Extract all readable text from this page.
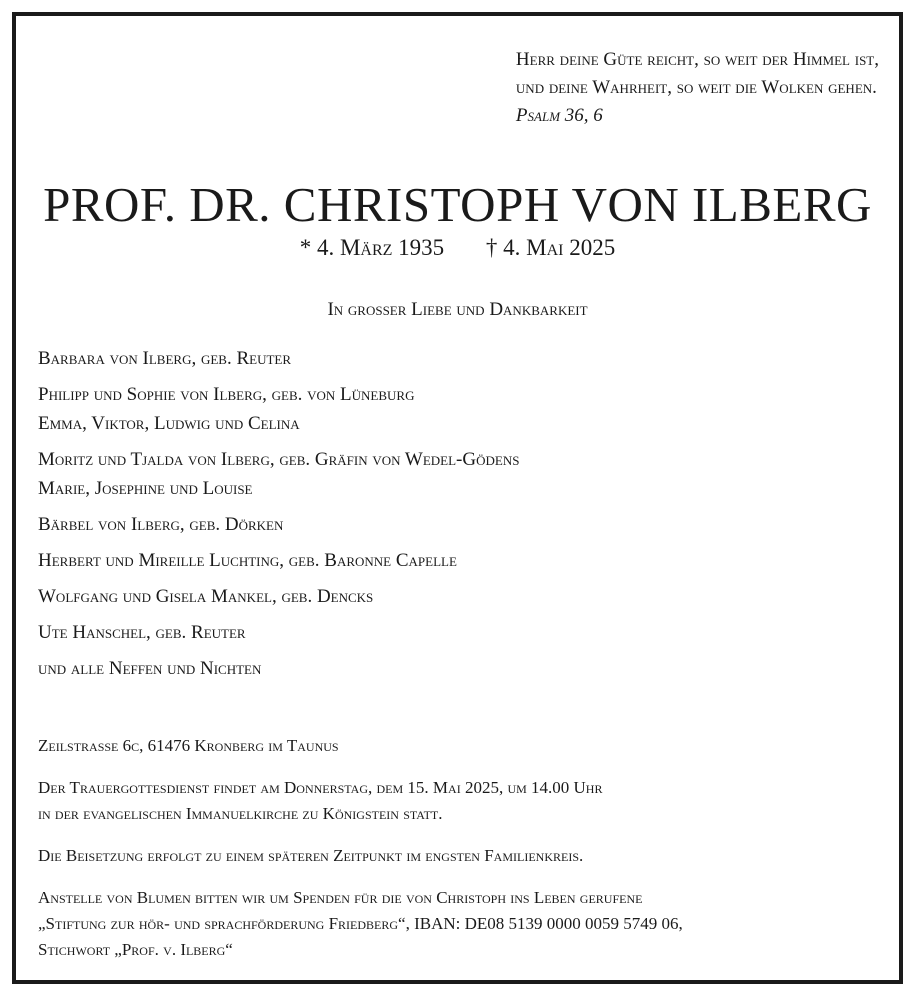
Herr deine Güte reicht, so weit der Himmel ist,
und deine Wahrheit, so weit die Wolken gehen.
Psalm 36, 6
PROF. DR. CHRISTOPH VON ILBERG
* 4. März 1935 † 4. Mai 2025
In grosser Liebe und Dankbarkeit
Barbara von Ilberg, geb. Reuter
Philipp und Sophie von Ilberg, geb. von Lüneburg
Emma, Viktor, Ludwig und Celina
Moritz und Tjalda von Ilberg, geb. Gräfin von Wedel-Gödens
Marie, Josephine und Louise
Bärbel von Ilberg, geb. Dörken
Herbert und Mireille Luchting, geb. Baronne Capelle
Wolfgang und Gisela Mankel, geb. Dencks
Ute Hanschel, geb. Reuter
und alle Neffen und Nichten
Zeilstrasse 6c, 61476 Kronberg im Taunus
Der Trauergottesdienst findet am Donnerstag, dem 15. Mai 2025, um 14.00 Uhr
in der evangelischen Immanuelkirche zu Königstein statt.
Die Beisetzung erfolgt zu einem späteren Zeitpunkt im engsten Familienkreis.
Anstelle von Blumen bitten wir um Spenden für die von Christoph ins Leben gerufene
„Stiftung zur hör- und sprachförderung Friedberg“, IBAN: DE08 5139 0000 0059 5749 06,
Stichwort „Prof. v. Ilberg“
